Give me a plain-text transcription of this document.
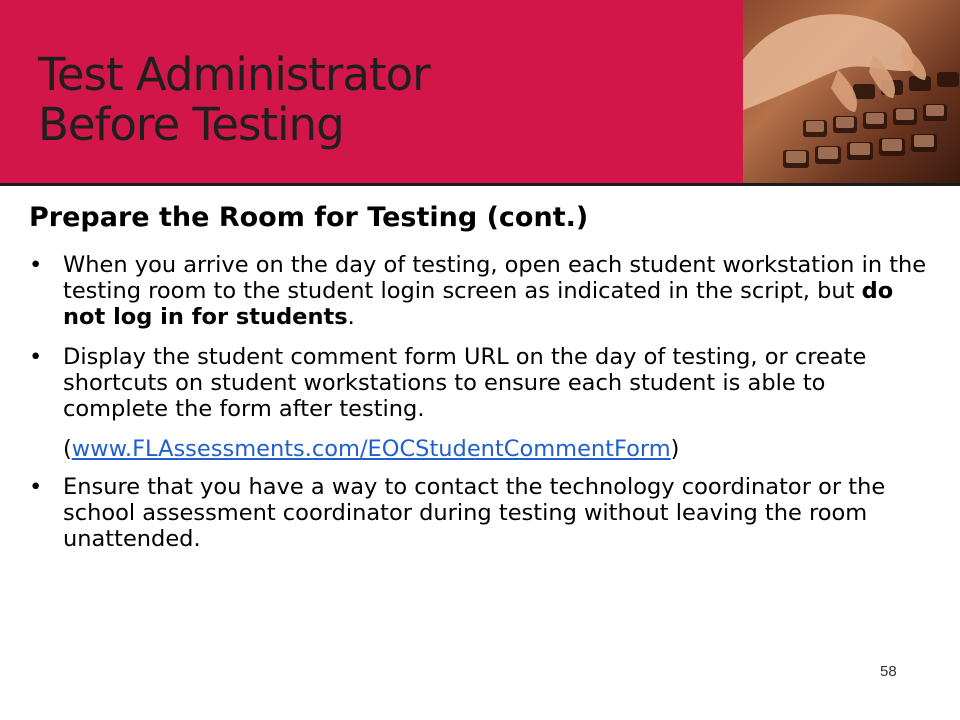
Test Administrator
Before Testing
Prepare the Room for Testing (cont.)
• When you arrive on the day of testing, open each student workstation in the testing room to the student login screen as indicated in the script, but do not log in for students.
• Display the student comment form URL on the day of testing, or create shortcuts on student workstations to ensure each student is able to complete the form after testing.
(www.FLAssessments.com/EOCStudentCommentForm)
• Ensure that you have a way to contact the technology coordinator or the school assessment coordinator during testing without leaving the room unattended.
58
